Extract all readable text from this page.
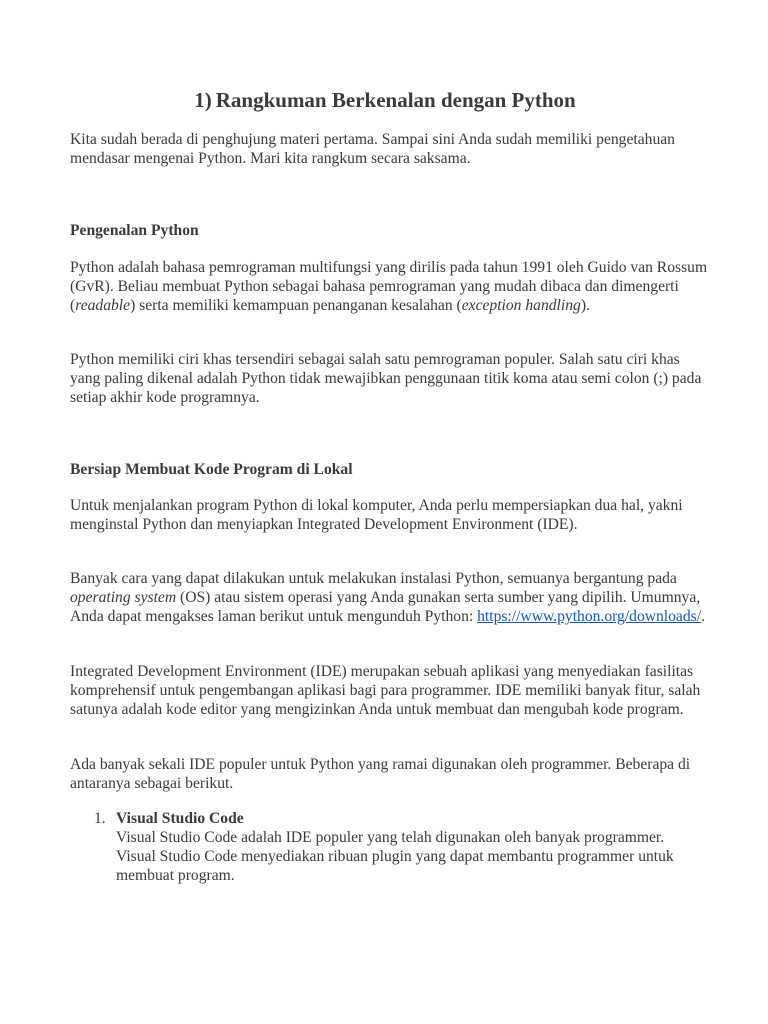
1) Rangkuman Berkenalan dengan Python

Kita sudah berada di penghujung materi pertama. Sampai sini Anda sudah memiliki pengetahuan mendasar mengenai Python. Mari kita rangkum secara saksama.

Pengenalan Python

Python adalah bahasa pemrograman multifungsi yang dirilis pada tahun 1991 oleh Guido van Rossum (GvR). Beliau membuat Python sebagai bahasa pemrograman yang mudah dibaca dan dimengerti (readable) serta memiliki kemampuan penanganan kesalahan (exception handling).

Python memiliki ciri khas tersendiri sebagai salah satu pemrograman populer. Salah satu ciri khas yang paling dikenal adalah Python tidak mewajibkan penggunaan titik koma atau semi colon (;) pada setiap akhir kode programnya.

Bersiap Membuat Kode Program di Lokal

Untuk menjalankan program Python di lokal komputer, Anda perlu mempersiapkan dua hal, yakni menginstal Python dan menyiapkan Integrated Development Environment (IDE).

Banyak cara yang dapat dilakukan untuk melakukan instalasi Python, semuanya bergantung pada operating system (OS) atau sistem operasi yang Anda gunakan serta sumber yang dipilih. Umumnya, Anda dapat mengakses laman berikut untuk mengunduh Python: https://www.python.org/downloads/.

Integrated Development Environment (IDE) merupakan sebuah aplikasi yang menyediakan fasilitas komprehensif untuk pengembangan aplikasi bagi para programmer. IDE memiliki banyak fitur, salah satunya adalah kode editor yang mengizinkan Anda untuk membuat dan mengubah kode program.

Ada banyak sekali IDE populer untuk Python yang ramai digunakan oleh programmer. Beberapa di antaranya sebagai berikut.

1. Visual Studio Code
Visual Studio Code adalah IDE populer yang telah digunakan oleh banyak programmer. Visual Studio Code menyediakan ribuan plugin yang dapat membantu programmer untuk membuat program.
